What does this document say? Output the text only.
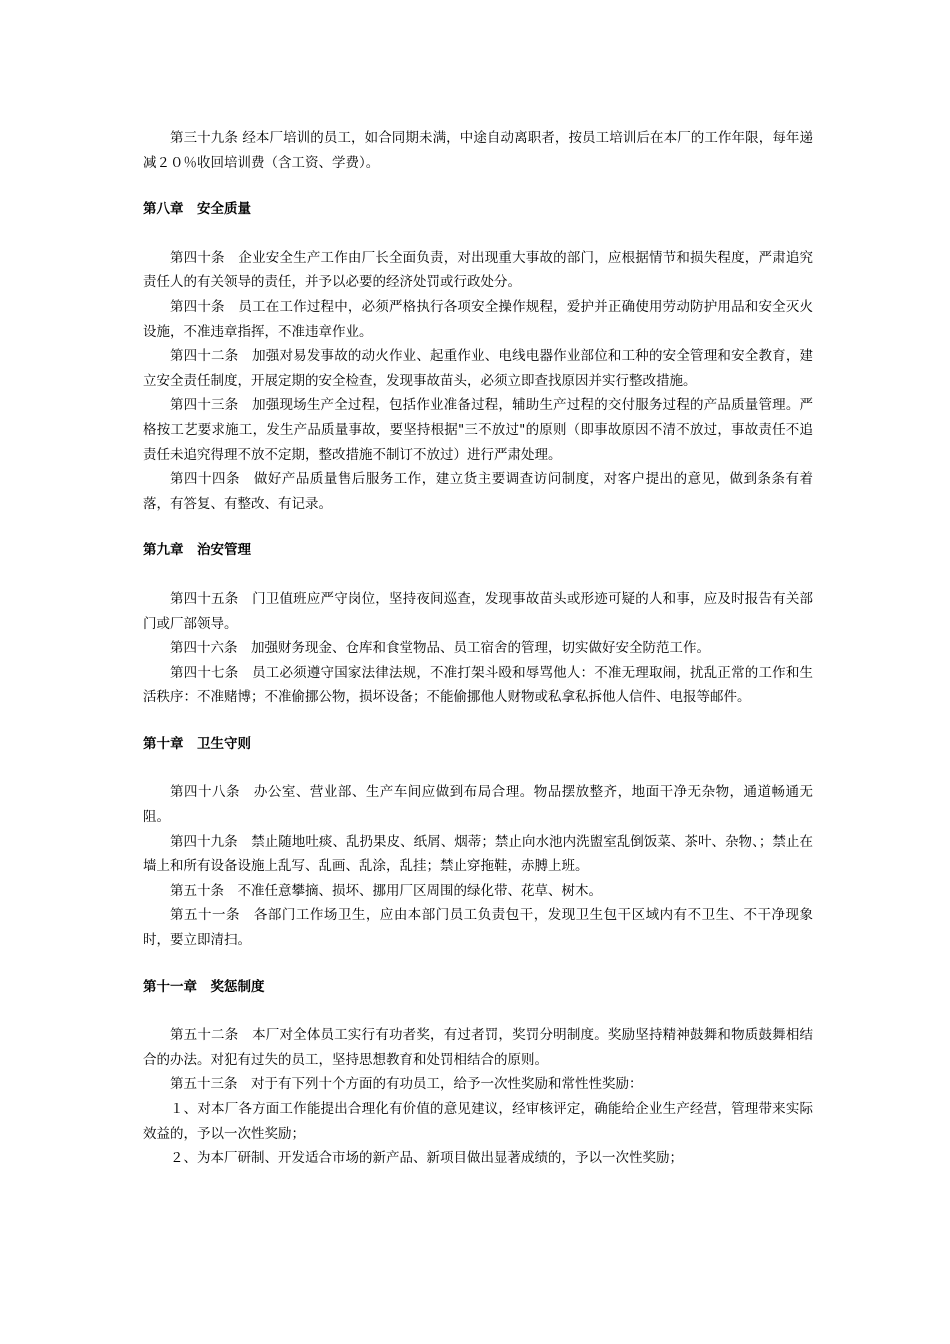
第三十九条 经本厂培训的员工，如合同期未满，中途自动离职者，按员工培训后在本厂的工作年限，每年递减２０％收回培训费（含工资、学费）。

第八章　安全质量

第四十条　企业安全生产工作由厂长全面负责，对出现重大事故的部门，应根据情节和损失程度，严肃追究责任人的有关领导的责任，并予以必要的经济处罚或行政处分。

第四十条　员工在工作过程中，必须严格执行各项安全操作规程，爱护并正确使用劳动防护用品和安全灭火设施，不准违章指挥，不准违章作业。

第四十二条　加强对易发事故的动火作业、起重作业、电线电器作业部位和工种的安全管理和安全教育，建立安全责任制度，开展定期的安全检查，发现事故苗头，必须立即查找原因并实行整改措施。

第四十三条　加强现场生产全过程，包括作业准备过程，辅助生产过程的交付服务过程的产品质量管理。严格按工艺要求施工，发生产品质量事故，要坚持根据"三不放过"的原则（即事故原因不清不放过，事故责任不追责任未追究得理不放不定期，整改措施不制订不放过）进行严肃处理。

第四十四条　做好产品质量售后服务工作，建立货主要调查访问制度，对客户提出的意见，做到条条有着落，有答复、有整改、有记录。

第九章　治安管理

第四十五条　门卫值班应严守岗位，坚持夜间巡查，发现事故苗头或形迹可疑的人和事，应及时报告有关部门或厂部领导。

第四十六条　加强财务现金、仓库和食堂物品、员工宿舍的管理，切实做好安全防范工作。

第四十七条　员工必须遵守国家法律法规，不准打架斗殴和辱骂他人：不准无理取闹，扰乱正常的工作和生活秩序：不准赌博；不准偷挪公物，损坏设备；不能偷挪他人财物或私拿私拆他人信件、电报等邮件。

第十章　卫生守则

第四十八条　办公室、营业部、生产车间应做到布局合理。物品摆放整齐，地面干净无杂物，通道畅通无阻。

第四十九条　禁止随地吐痰、乱扔果皮、纸屑、烟蒂；禁止向水池内洗盥室乱倒饭菜、茶叶、杂物、；禁止在墙上和所有设备设施上乱写、乱画、乱涂，乱挂；禁止穿拖鞋，赤膊上班。

第五十条　不准任意攀摘、损坏、挪用厂区周围的绿化带、花草、树木。

第五十一条　各部门工作场卫生，应由本部门员工负责包干，发现卫生包干区域内有不卫生、不干净现象时，要立即清扫。

第十一章　奖惩制度

第五十二条　本厂对全体员工实行有功者奖，有过者罚，奖罚分明制度。奖励坚持精神鼓舞和物质鼓舞相结合的办法。对犯有过失的员工，坚持思想教育和处罚相结合的原则。

第五十三条　对于有下列十个方面的有功员工，给予一次性奖励和常性性奖励：

１、对本厂各方面工作能提出合理化有价值的意见建议，经审核评定，确能给企业生产经营，管理带来实际效益的，予以一次性奖励；

２、为本厂研制、开发适合市场的新产品、新项目做出显著成绩的，予以一次性奖励；
